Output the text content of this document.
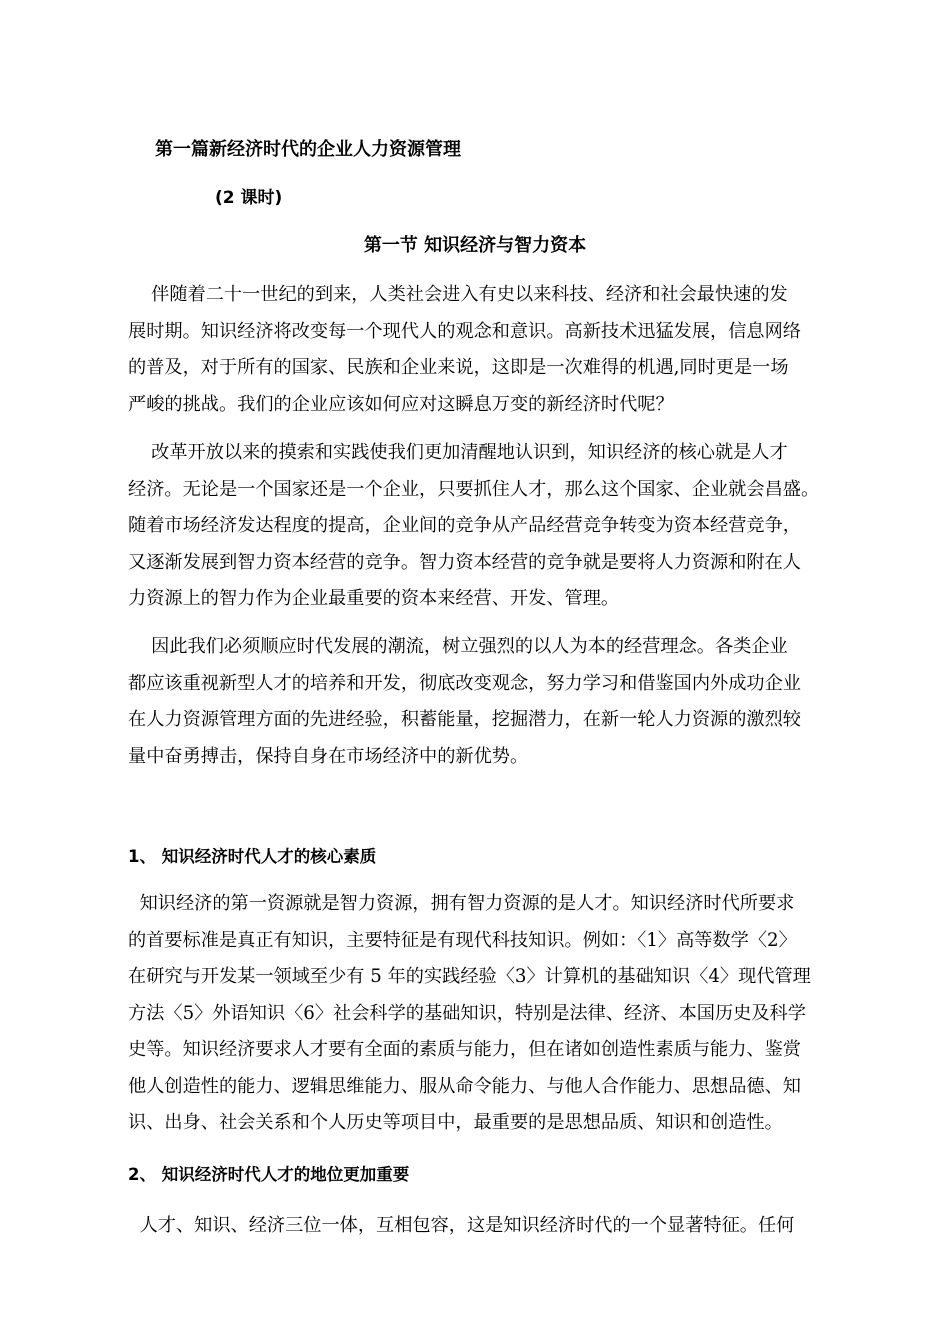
第一篇新经济时代的企业人力资源管理
(2 课时)
第一节 知识经济与智力资本
伴随着二十一世纪的到来，人类社会进入有史以来科技、经济和社会最快速的发
展时期。知识经济将改变每一个现代人的观念和意识。高新技术迅猛发展，信息网络
的普及，对于所有的国家、民族和企业来说，这即是一次难得的机遇,同时更是一场
严峻的挑战。我们的企业应该如何应对这瞬息万变的新经济时代呢？
改革开放以来的摸索和实践使我们更加清醒地认识到，知识经济的核心就是人才
经济。无论是一个国家还是一个企业，只要抓住人才，那么这个国家、企业就会昌盛。
随着市场经济发达程度的提高，企业间的竞争从产品经营竞争转变为资本经营竞争，
又逐渐发展到智力资本经营的竞争。智力资本经营的竞争就是要将人力资源和附在人
力资源上的智力作为企业最重要的资本来经营、开发、管理。
因此我们必须顺应时代发展的潮流，树立强烈的以人为本的经营理念。各类企业
都应该重视新型人才的培养和开发，彻底改变观念，努力学习和借鉴国内外成功企业
在人力资源管理方面的先进经验，积蓄能量，挖掘潜力，在新一轮人力资源的激烈较
量中奋勇搏击，保持自身在市场经济中的新优势。
1、 知识经济时代人才的核心素质
知识经济的第一资源就是智力资源，拥有智力资源的是人才。知识经济时代所要求
的首要标准是真正有知识，主要特征是有现代科技知识。例如：〈1〉高等数学〈2〉
在研究与开发某一领域至少有 5 年的实践经验〈3〉计算机的基础知识〈4〉现代管理
方法〈5〉外语知识〈6〉社会科学的基础知识，特别是法律、经济、本国历史及科学
史等。知识经济要求人才要有全面的素质与能力，但在诸如创造性素质与能力、鉴赏
他人创造性的能力、逻辑思维能力、服从命令能力、与他人合作能力、思想品德、知
识、出身、社会关系和个人历史等项目中，最重要的是思想品质、知识和创造性。
2、 知识经济时代人才的地位更加重要
人才、知识、经济三位一体，互相包容，这是知识经济时代的一个显著特征。任何
